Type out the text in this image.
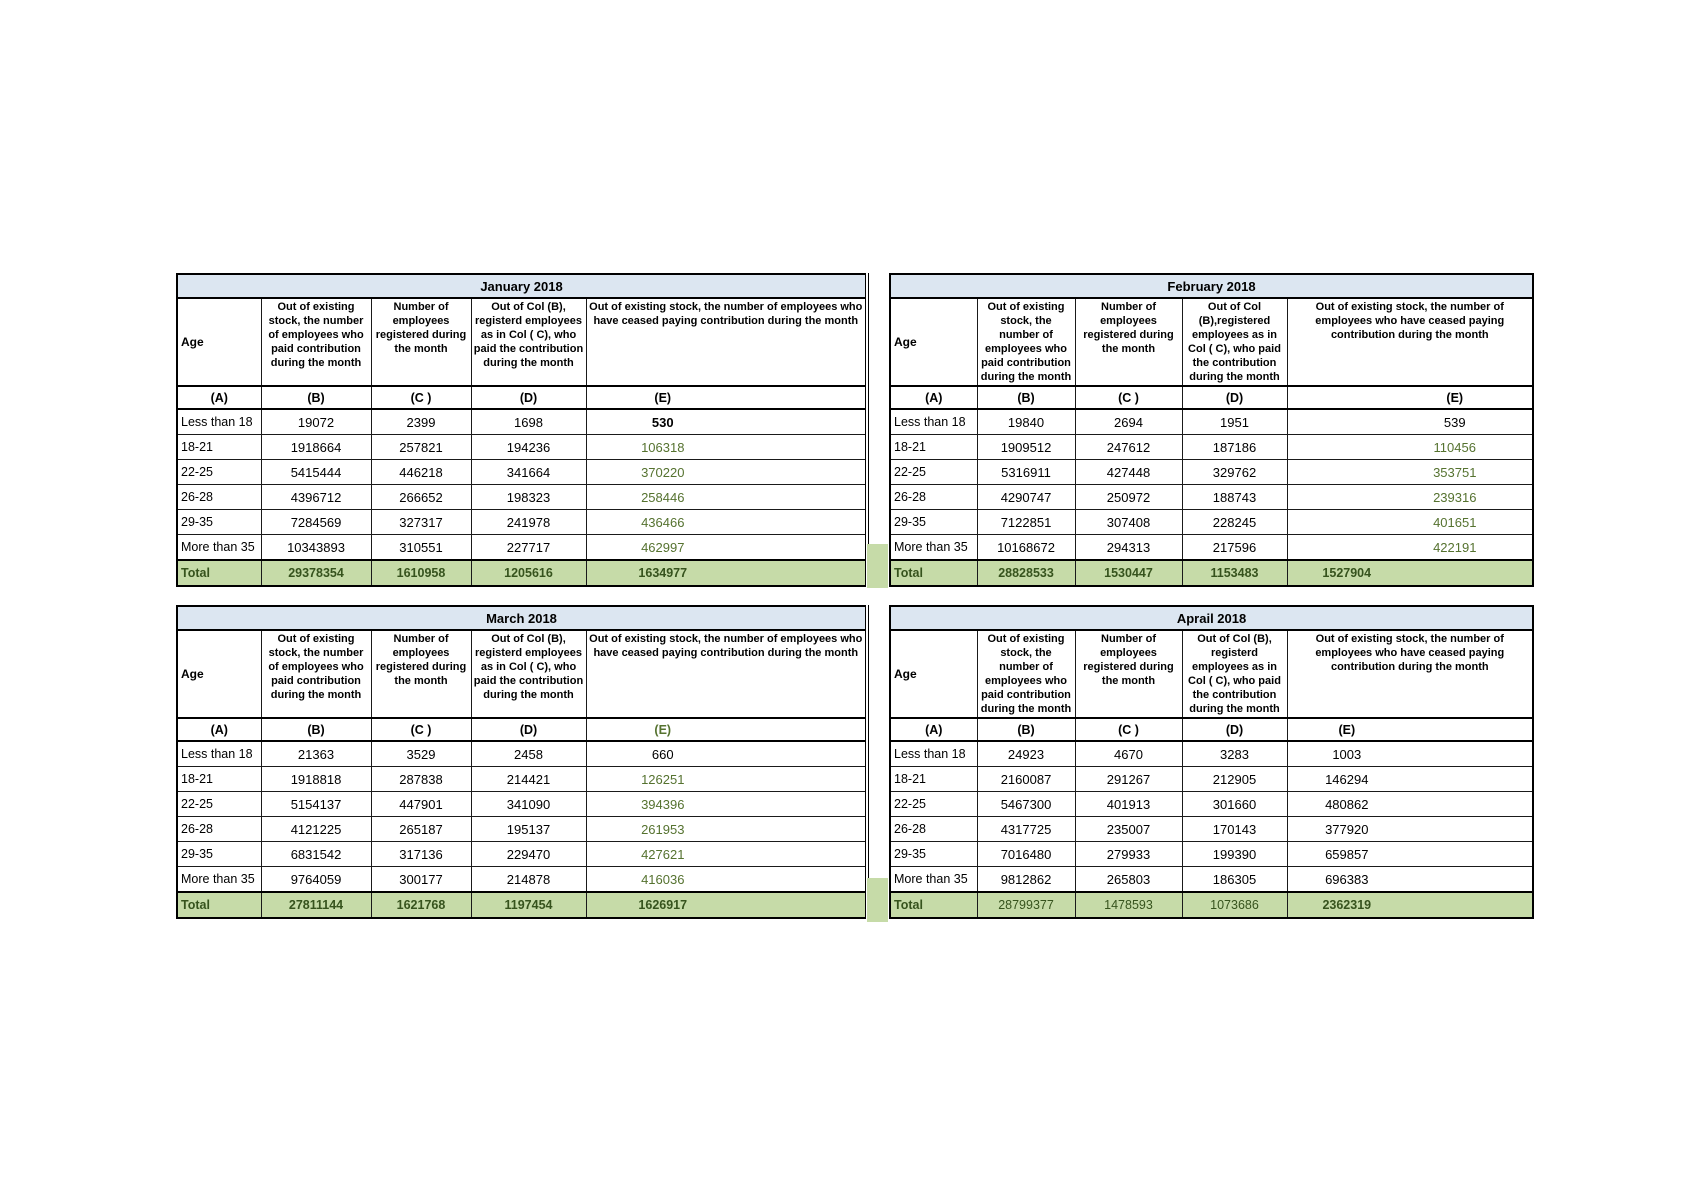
January 2018				
Age	Out of existing stock, the number of employees who paid contribution during the month	Number of employees registered during the month	Out of Col (B), registerd employees as in Col ( C), who paid the contribution during the month	Out of existing stock, the number of employees who have ceased paying contribution during the month
(A)	(B)	(C )	(D)	(E)
Less than 18	19072	2399	1698	530
18-21	1918664	257821	194236	106318
22-25	5415444	446218	341664	370220
26-28	4396712	266652	198323	258446
29-35	7284569	327317	241978	436466
More than 35	10343893	310551	227717	462997
Total	29378354	1610958	1205616	1634977
February 2018				
Age	Out of existing stock, the number of employees who paid contribution during the month	Number of employees registered during the month	Out of Col (B),registered employees as in Col ( C), who paid the contribution during the month	Out of existing stock, the number of employees who have ceased paying contribution during the month
(A)	(B)	(C )	(D)	(E)
Less than 18	19840	2694	1951	539
18-21	1909512	247612	187186	110456
22-25	5316911	427448	329762	353751
26-28	4290747	250972	188743	239316
29-35	7122851	307408	228245	401651
More than 35	10168672	294313	217596	422191
Total	28828533	1530447	1153483	1527904
March 2018				
Age	Out of existing stock, the number of employees who paid contribution during the month	Number of employees registered during the month	Out of Col (B), registerd employees as in Col ( C), who paid the contribution during the month	Out of existing stock, the number of employees who have ceased paying contribution during the month
(A)	(B)	(C )	(D)	(E)
Less than 18	21363	3529	2458	660
18-21	1918818	287838	214421	126251
22-25	5154137	447901	341090	394396
26-28	4121225	265187	195137	261953
29-35	6831542	317136	229470	427621
More than 35	9764059	300177	214878	416036
Total	27811144	1621768	1197454	1626917
Aprail 2018				
Age	Out of existing stock, the number of employees who paid contribution during the month	Number of employees registered during the month	Out of Col (B), registerd employees as in Col ( C), who paid the contribution during the month	Out of existing stock, the number of employees who have ceased paying contribution during the month
(A)	(B)	(C )	(D)	(E)
Less than 18	24923	4670	3283	1003
18-21	2160087	291267	212905	146294
22-25	5467300	401913	301660	480862
26-28	4317725	235007	170143	377920
29-35	7016480	279933	199390	659857
More than 35	9812862	265803	186305	696383
Total	28799377	1478593	1073686	2362319
